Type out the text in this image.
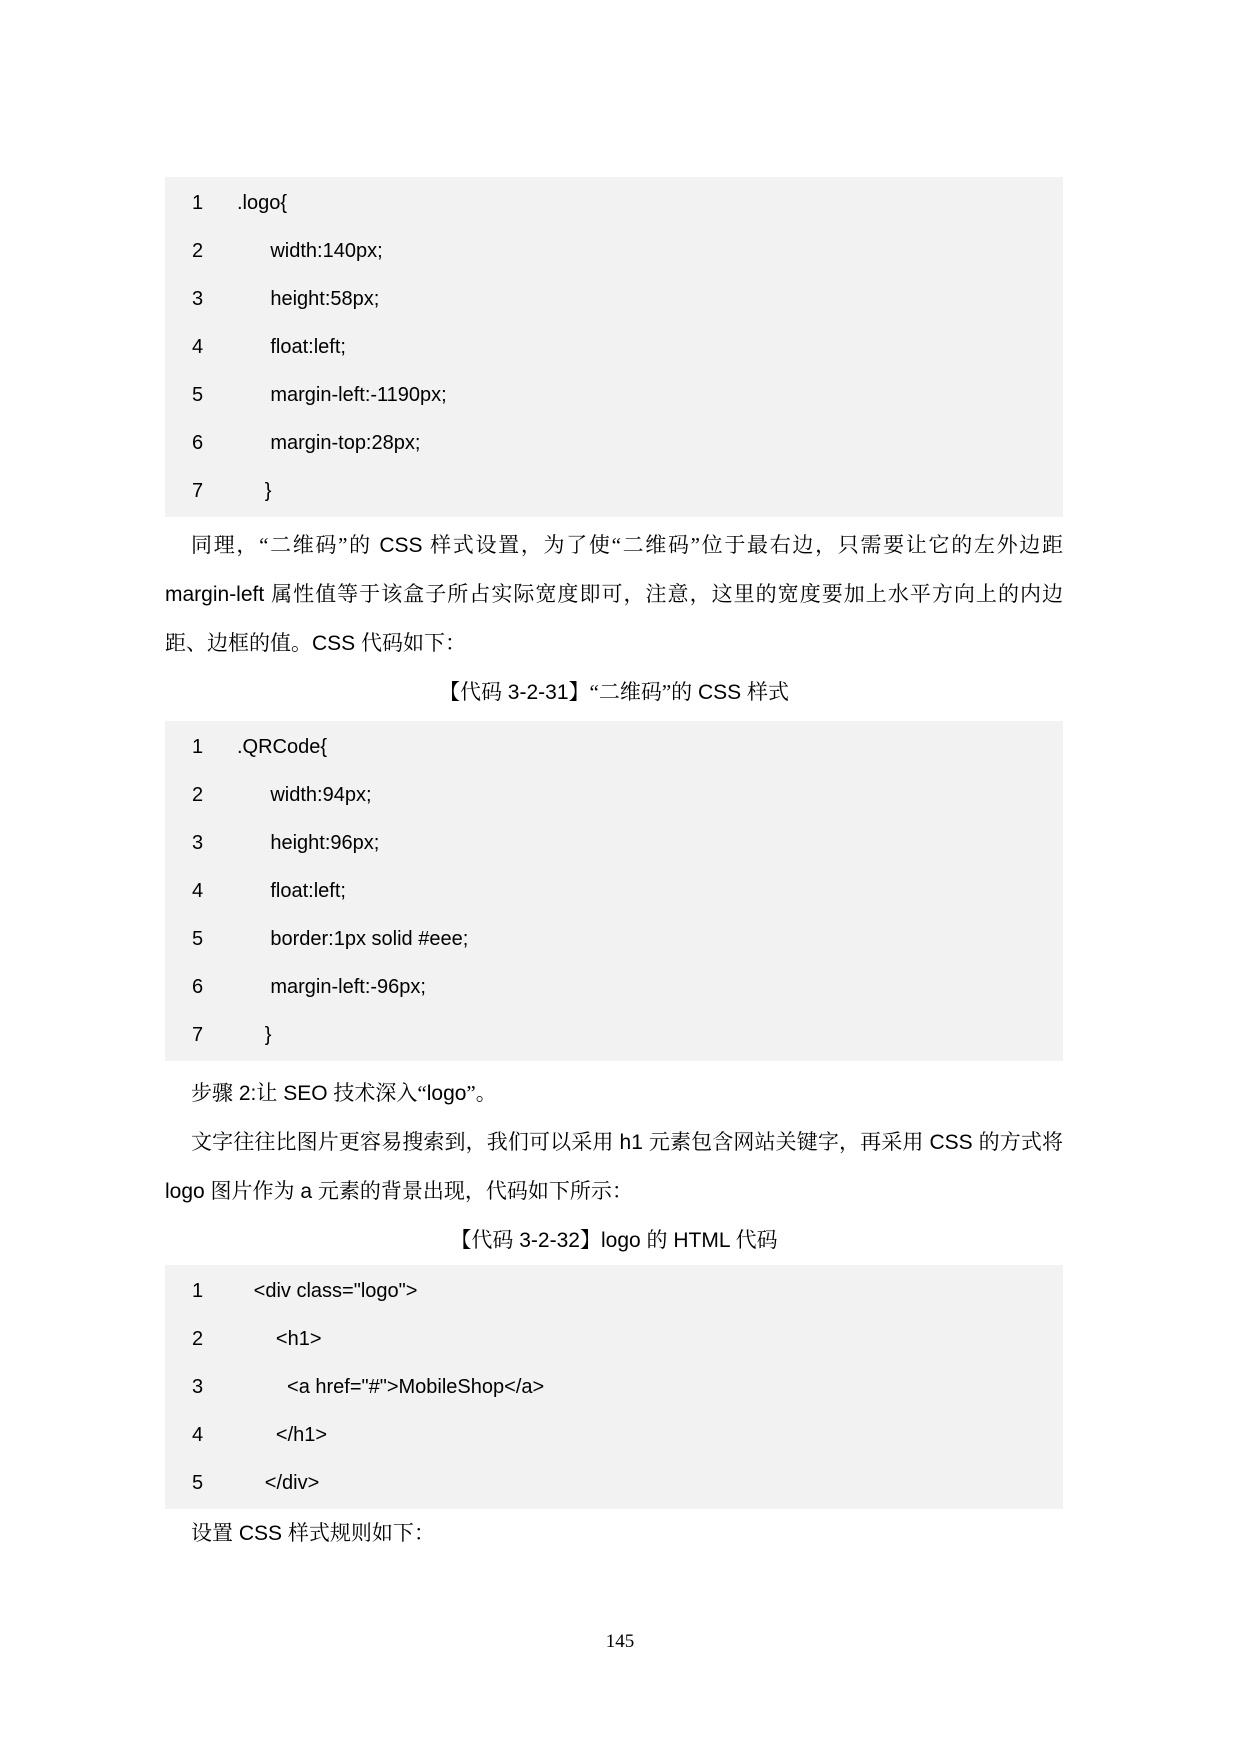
1	.logo{
2	width:140px;
3	height:58px;
4	float:left;
5	margin-left:-1190px;
6	margin-top:28px;
7	}

同理，“二维码”的 CSS 样式设置，为了使“二维码”位于最右边，只需要让它的左外边距 margin-left 属性值等于该盒子所占实际宽度即可，注意，这里的宽度要加上水平方向上的内边距、边框的值。CSS 代码如下：

【代码 3-2-31】“二维码”的 CSS 样式

1	.QRCode{
2	width:94px;
3	height:96px;
4	float:left;
5	border:1px solid #eee;
6	margin-left:-96px;
7	}

步骤 2:让 SEO 技术深入“logo”。

文字往往比图片更容易搜索到，我们可以采用 h1 元素包含网站关键字，再采用 CSS 的方式将 logo 图片作为 a 元素的背景出现，代码如下所示：

【代码 3-2-32】logo 的 HTML 代码

1	<div class="logo">
2	<h1>
3	<a href="#">MobileShop</a>
4	</h1>
5	</div>

设置 CSS 样式规则如下：

145
